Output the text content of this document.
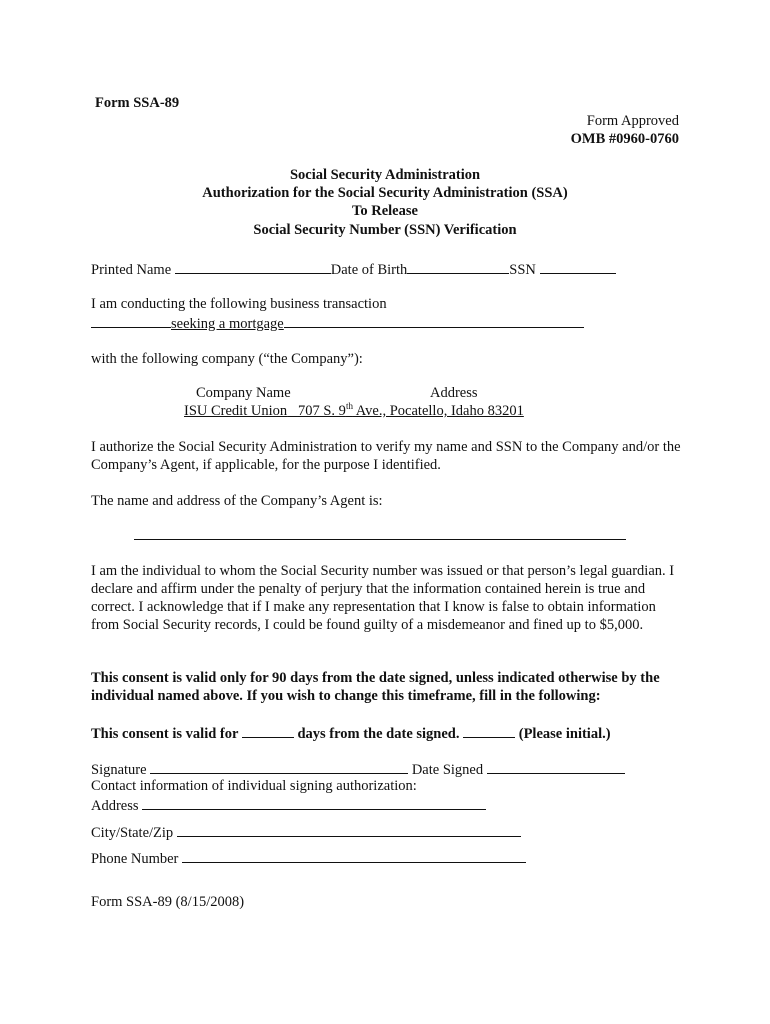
Form SSA-89
Form Approved
OMB #0960-0760
Social Security Administration
Authorization for the Social Security Administration (SSA)
To Release
Social Security Number (SSN) Verification
Printed Name	Date of Birth	SSN
I am conducting the following business transaction
seeking a mortgage
with the following company (“the Company”):
Company Name	Address
ISU Credit Union 707 S. 9th Ave., Pocatello, Idaho 83201
I authorize the Social Security Administration to verify my name and SSN to the Company and/or the Company’s Agent, if applicable, for the purpose I identified.
The name and address of the Company’s Agent is:
I am the individual to whom the Social Security number was issued or that person’s legal guardian. I declare and affirm under the penalty of perjury that the information contained herein is true and correct. I acknowledge that if I make any representation that I know is false to obtain information from Social Security records, I could be found guilty of a misdemeanor and fined up to $5,000.
This consent is valid only for 90 days from the date signed, unless indicated otherwise by the individual named above. If you wish to change this timeframe, fill in the following:
This consent is valid for	days from the date signed.	(Please initial.)
Signature	Date Signed
Contact information of individual signing authorization:
Address
City/State/Zip
Phone Number
Form SSA-89 (8/15/2008)
